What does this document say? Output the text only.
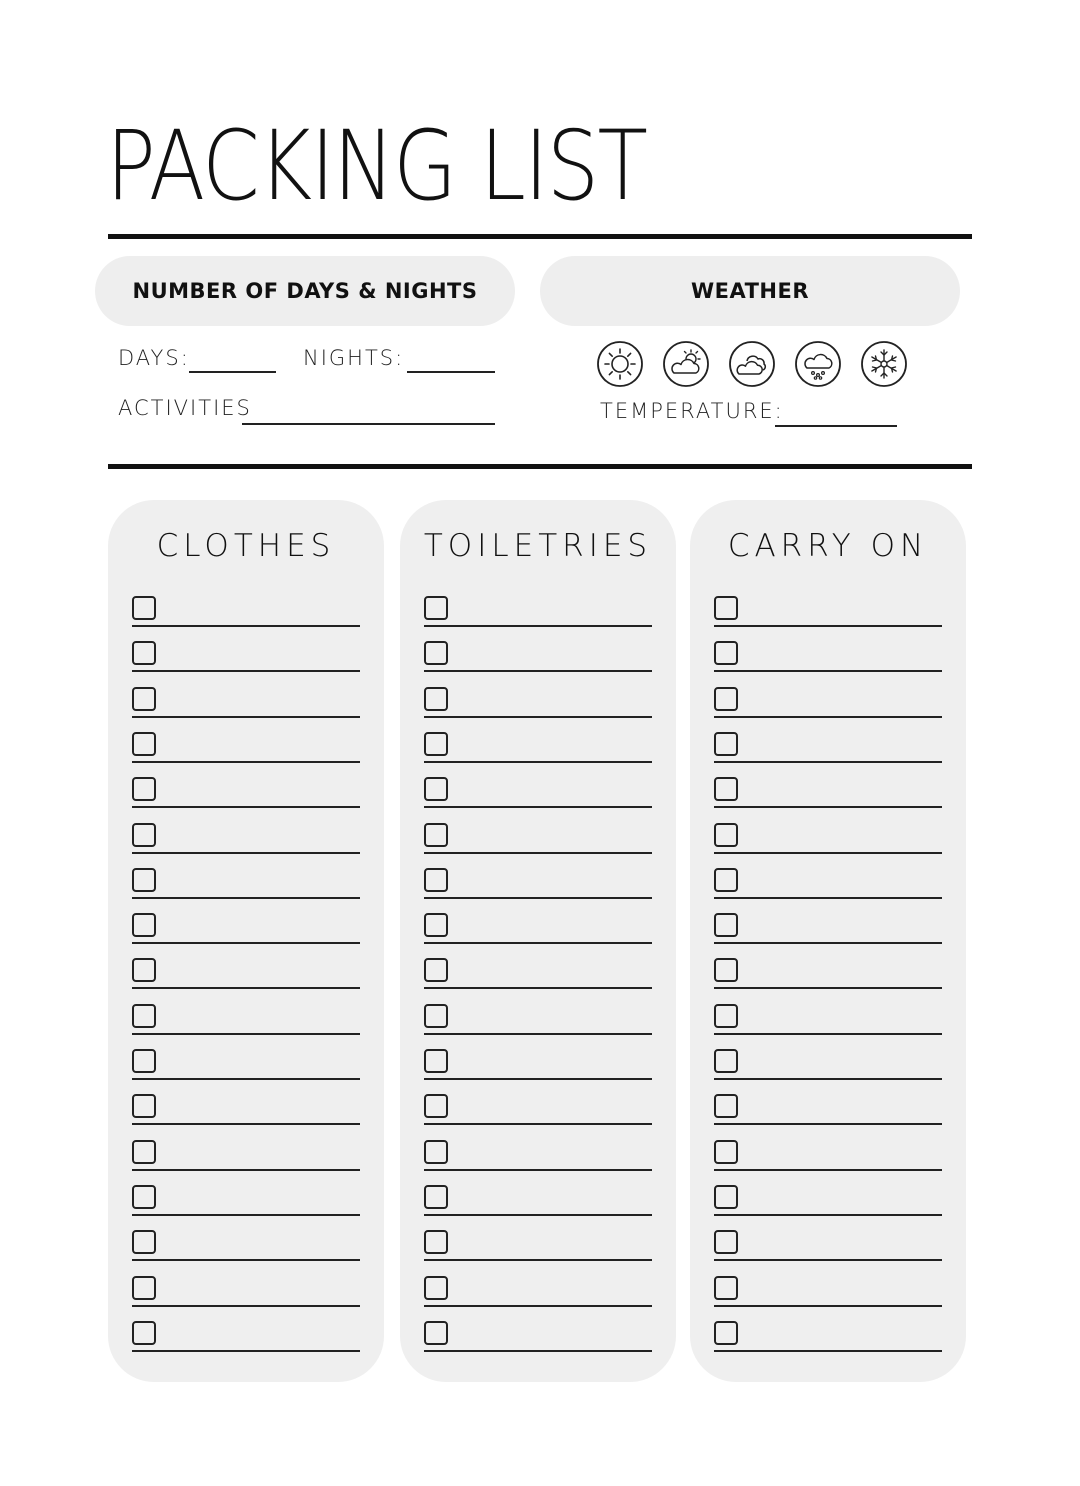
PACKING LIST
NUMBER OF DAYS & NIGHTS	WEATHER
DAYS:	NIGHTS:
ACTIVITIES	TEMPERATURE:
CLOTHES	TOILETRIES	CARRY ON
